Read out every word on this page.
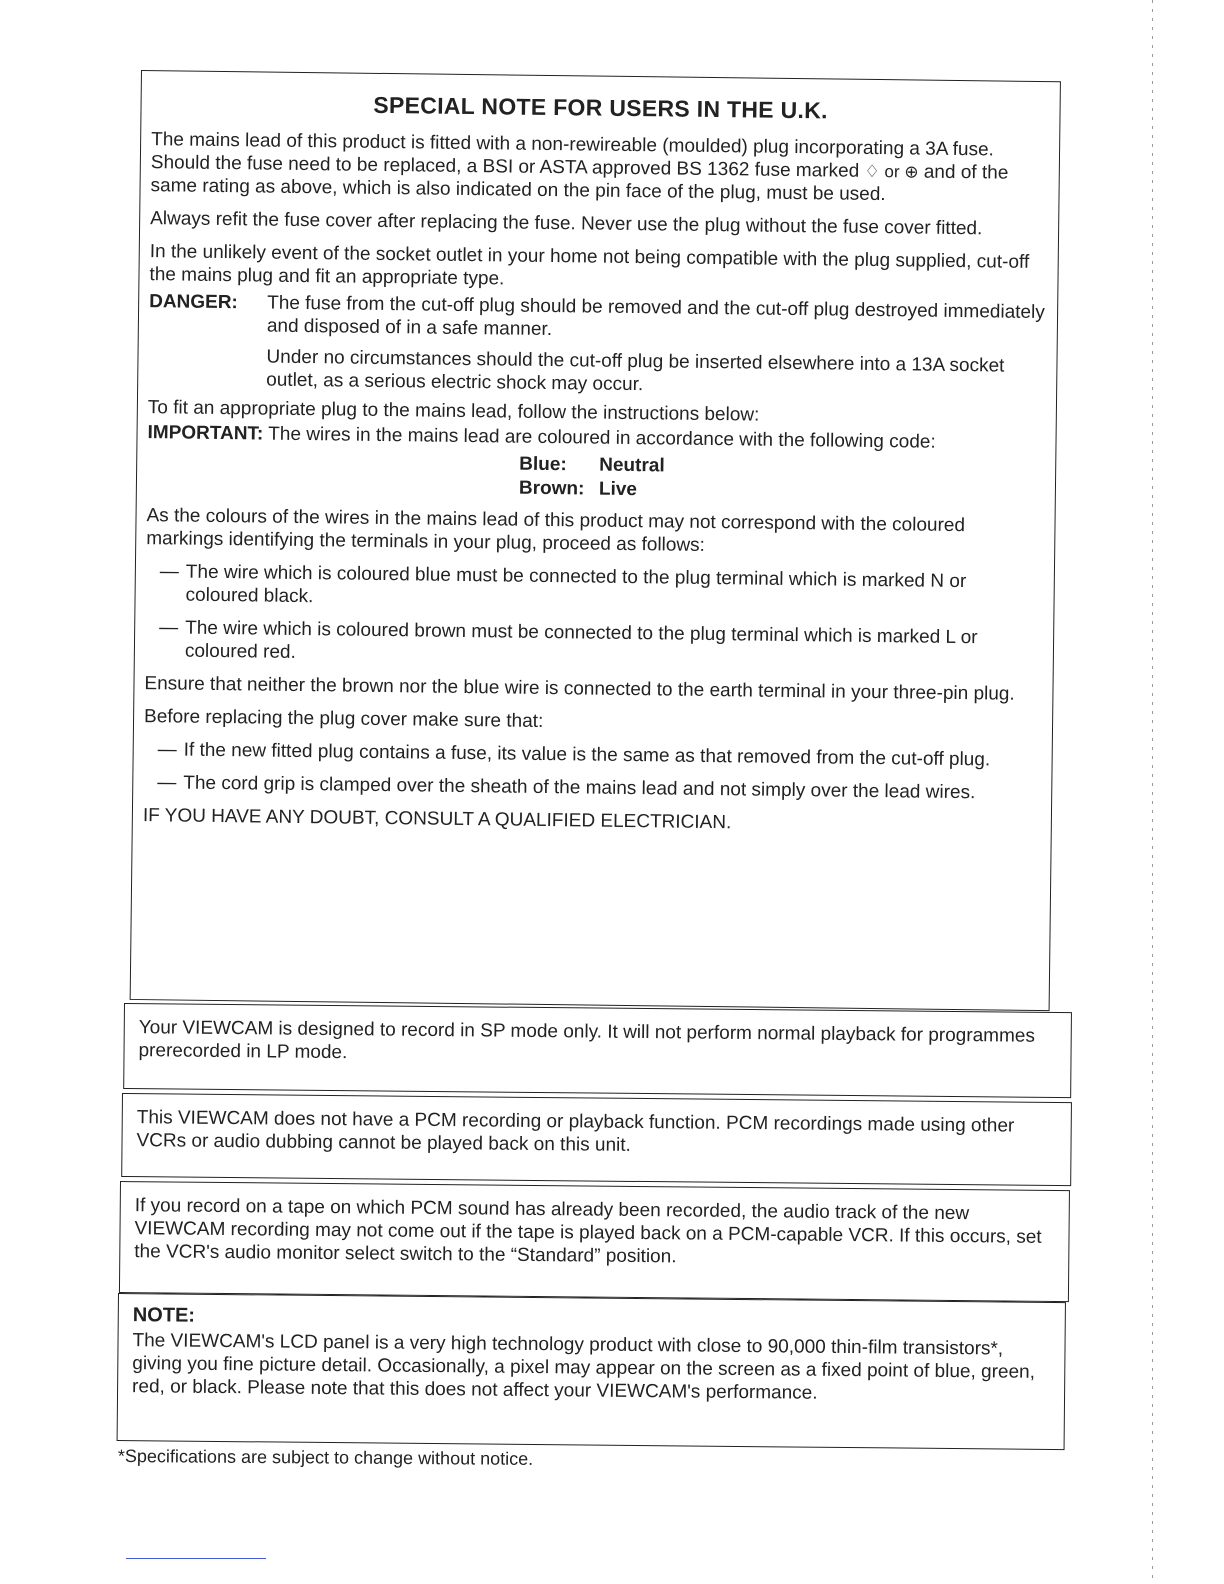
SPECIAL NOTE FOR USERS IN THE U.K.

The mains lead of this product is fitted with a non-rewireable (moulded) plug incorporating a 3A fuse. Should the fuse need to be replaced, a BSI or ASTA approved BS 1362 fuse marked ♢ or ⊕ and of the same rating as above, which is also indicated on the pin face of the plug, must be used.

Always refit the fuse cover after replacing the fuse. Never use the plug without the fuse cover fitted.

In the unlikely event of the socket outlet in your home not being compatible with the plug supplied, cut-off the mains plug and fit an appropriate type.

DANGER:	The fuse from the cut-off plug should be removed and the cut-off plug destroyed immediately and disposed of in a safe manner.

Under no circumstances should the cut-off plug be inserted elsewhere into a 13A socket outlet, as a serious electric shock may occur.

To fit an appropriate plug to the mains lead, follow the instructions below:

IMPORTANT: The wires in the mains lead are coloured in accordance with the following code:

Blue:	Neutral
Brown: Live

As the colours of the wires in the mains lead of this product may not correspond with the coloured markings identifying the terminals in your plug, proceed as follows:

— The wire which is coloured blue must be connected to the plug terminal which is marked N or coloured black.

— The wire which is coloured brown must be connected to the plug terminal which is marked L or coloured red.

Ensure that neither the brown nor the blue wire is connected to the earth terminal in your three-pin plug.

Before replacing the plug cover make sure that:

— If the new fitted plug contains a fuse, its value is the same as that removed from the cut-off plug.

— The cord grip is clamped over the sheath of the mains lead and not simply over the lead wires.

IF YOU HAVE ANY DOUBT, CONSULT A QUALIFIED ELECTRICIAN.

Your VIEWCAM is designed to record in SP mode only. It will not perform normal playback for programmes prerecorded in LP mode.

This VIEWCAM does not have a PCM recording or playback function. PCM recordings made using other VCRs or audio dubbing cannot be played back on this unit.

If you record on a tape on which PCM sound has already been recorded, the audio track of the new VIEWCAM recording may not come out if the tape is played back on a PCM-capable VCR. If this occurs, set the VCR's audio monitor select switch to the “Standard” position.

NOTE:

The VIEWCAM's LCD panel is a very high technology product with close to 90,000 thin-film transistors*, giving you fine picture detail. Occasionally, a pixel may appear on the screen as a fixed point of blue, green, red, or black. Please note that this does not affect your VIEWCAM's performance.

*Specifications are subject to change without notice.
